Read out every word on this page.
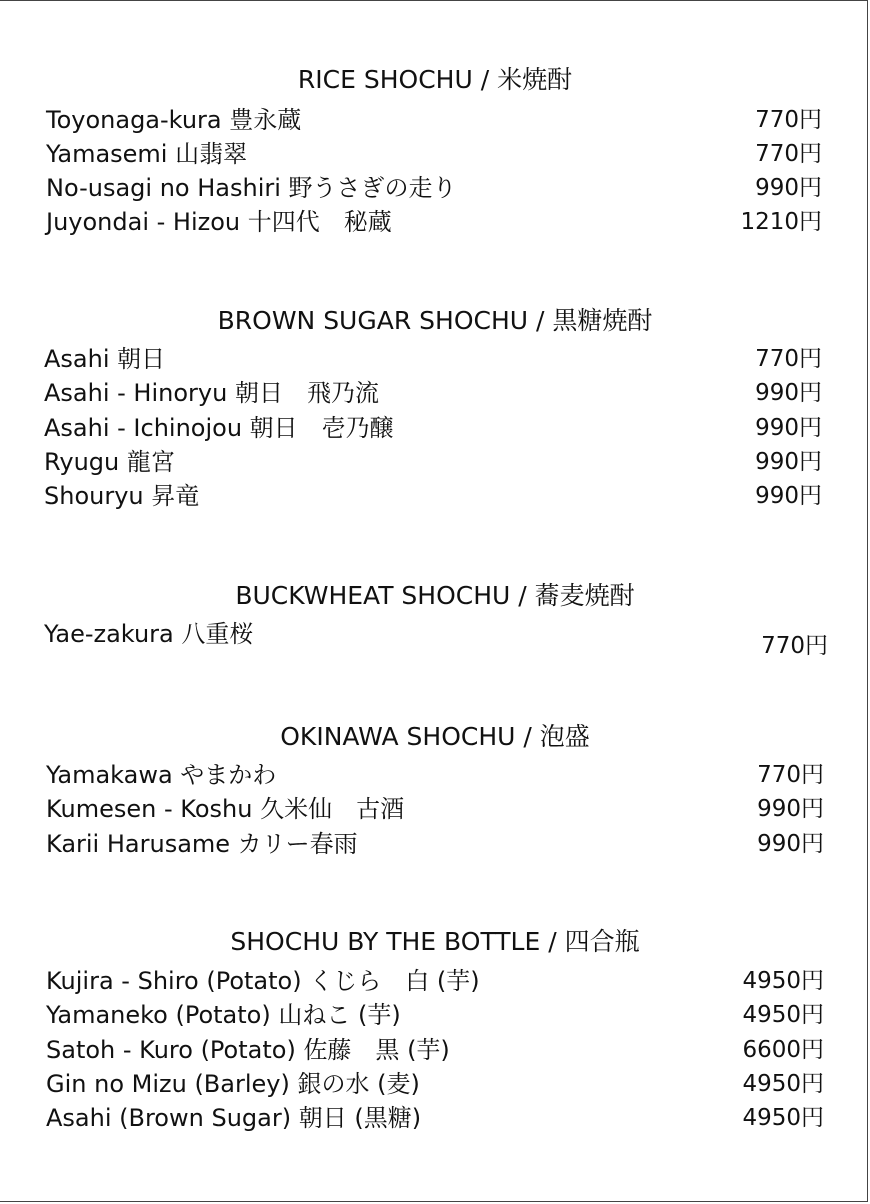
RICE SHOCHU / 米焼酎
Toyonaga-kura 豊永蔵	770円
Yamasemi 山翡翠	770円
No-usagi no Hashiri 野うさぎの走り	990円
Juyondai - Hizou 十四代　秘蔵	1210円
BROWN SUGAR SHOCHU / 黒糖焼酎
Asahi 朝日	770円
Asahi - Hinoryu 朝日　飛乃流	990円
Asahi - Ichinojou 朝日　壱乃醸	990円
Ryugu 龍宮	990円
Shouryu 昇竜	990円
BUCKWHEAT SHOCHU / 蕎麦焼酎
Yae-zakura 八重桜	770円
OKINAWA SHOCHU / 泡盛
Yamakawa やまかわ	770円
Kumesen - Koshu 久米仙　古酒	990円
Karii Harusame カリー春雨	990円
SHOCHU BY THE BOTTLE / 四合瓶
Kujira - Shiro (Potato) くじら　白 (芋)	4950円
Yamaneko (Potato) 山ねこ (芋)	4950円
Satoh - Kuro (Potato) 佐藤　黒 (芋)	6600円
Gin no Mizu (Barley) 銀の水 (麦)	4950円
Asahi (Brown Sugar) 朝日 (黒糖)	4950円
